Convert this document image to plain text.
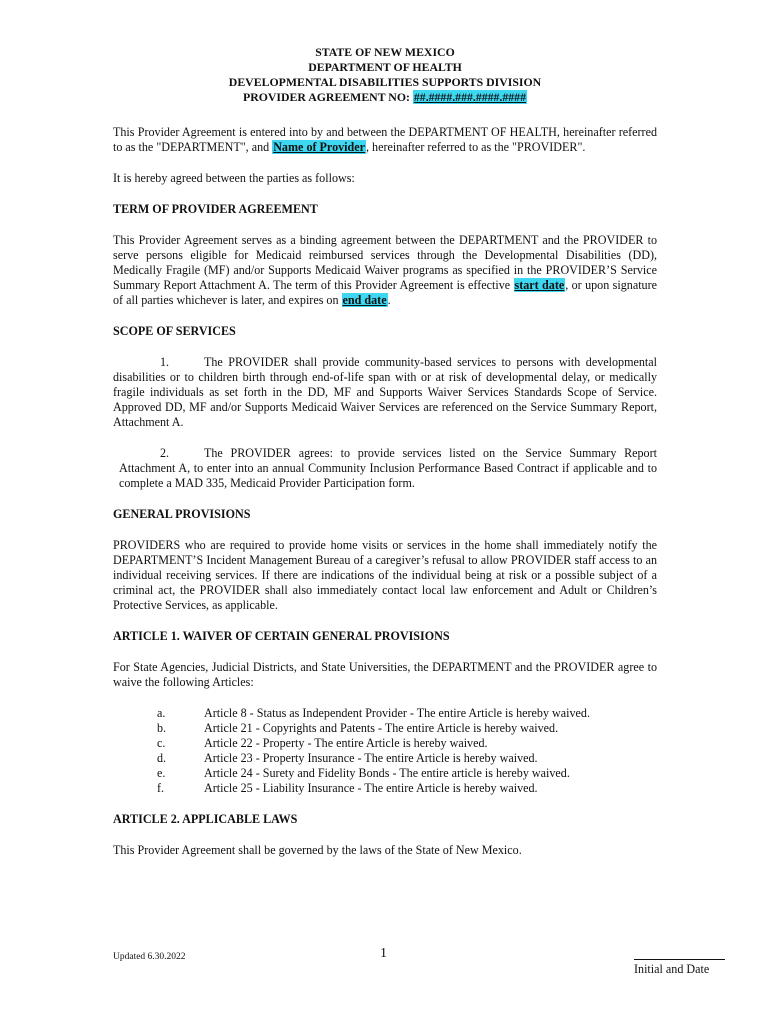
STATE OF NEW MEXICO
DEPARTMENT OF HEALTH
DEVELOPMENTAL DISABILITIES SUPPORTS DIVISION
PROVIDER AGREEMENT NO: ##.####.###.####.####

This Provider Agreement is entered into by and between the DEPARTMENT OF HEALTH, hereinafter referred to as the "DEPARTMENT", and Name of Provider, hereinafter referred to as the "PROVIDER".

It is hereby agreed between the parties as follows:

TERM OF PROVIDER AGREEMENT

This Provider Agreement serves as a binding agreement between the DEPARTMENT and the PROVIDER to serve persons eligible for Medicaid reimbursed services through the Developmental Disabilities (DD), Medically Fragile (MF) and/or Supports Medicaid Waiver programs as specified in the PROVIDER’S Service Summary Report Attachment A. The term of this Provider Agreement is effective start date, or upon signature of all parties whichever is later, and expires on end date.

SCOPE OF SERVICES

1.	The PROVIDER shall provide community-based services to persons with developmental disabilities or to children birth through end-of-life span with or at risk of developmental delay, or medically fragile individuals as set forth in the DD, MF and Supports Waiver Services Standards Scope of Service. Approved DD, MF and/or Supports Medicaid Waiver Services are referenced on the Service Summary Report, Attachment A.

2.	The PROVIDER agrees: to provide services listed on the Service Summary Report Attachment A, to enter into an annual Community Inclusion Performance Based Contract if applicable and to complete a MAD 335, Medicaid Provider Participation form.

GENERAL PROVISIONS

PROVIDERS who are required to provide home visits or services in the home shall immediately notify the DEPARTMENT’S Incident Management Bureau of a caregiver’s refusal to allow PROVIDER staff access to an individual receiving services. If there are indications of the individual being at risk or a possible subject of a criminal act, the PROVIDER shall also immediately contact local law enforcement and Adult or Children’s Protective Services, as applicable.

ARTICLE 1. WAIVER OF CERTAIN GENERAL PROVISIONS

For State Agencies, Judicial Districts, and State Universities, the DEPARTMENT and the PROVIDER agree to waive the following Articles:

a.	Article 8 - Status as Independent Provider - The entire Article is hereby waived.
b.	Article 21 - Copyrights and Patents - The entire Article is hereby waived.
c.	Article 22 - Property - The entire Article is hereby waived.
d.	Article 23 - Property Insurance - The entire Article is hereby waived.
e.	Article 24 - Surety and Fidelity Bonds - The entire article is hereby waived.
f.	Article 25 - Liability Insurance - The entire Article is hereby waived.
ARTICLE 2. APPLICABLE LAWS

This Provider Agreement shall be governed by the laws of the State of New Mexico.

Updated 6.30.2022	1
Initial and Date
